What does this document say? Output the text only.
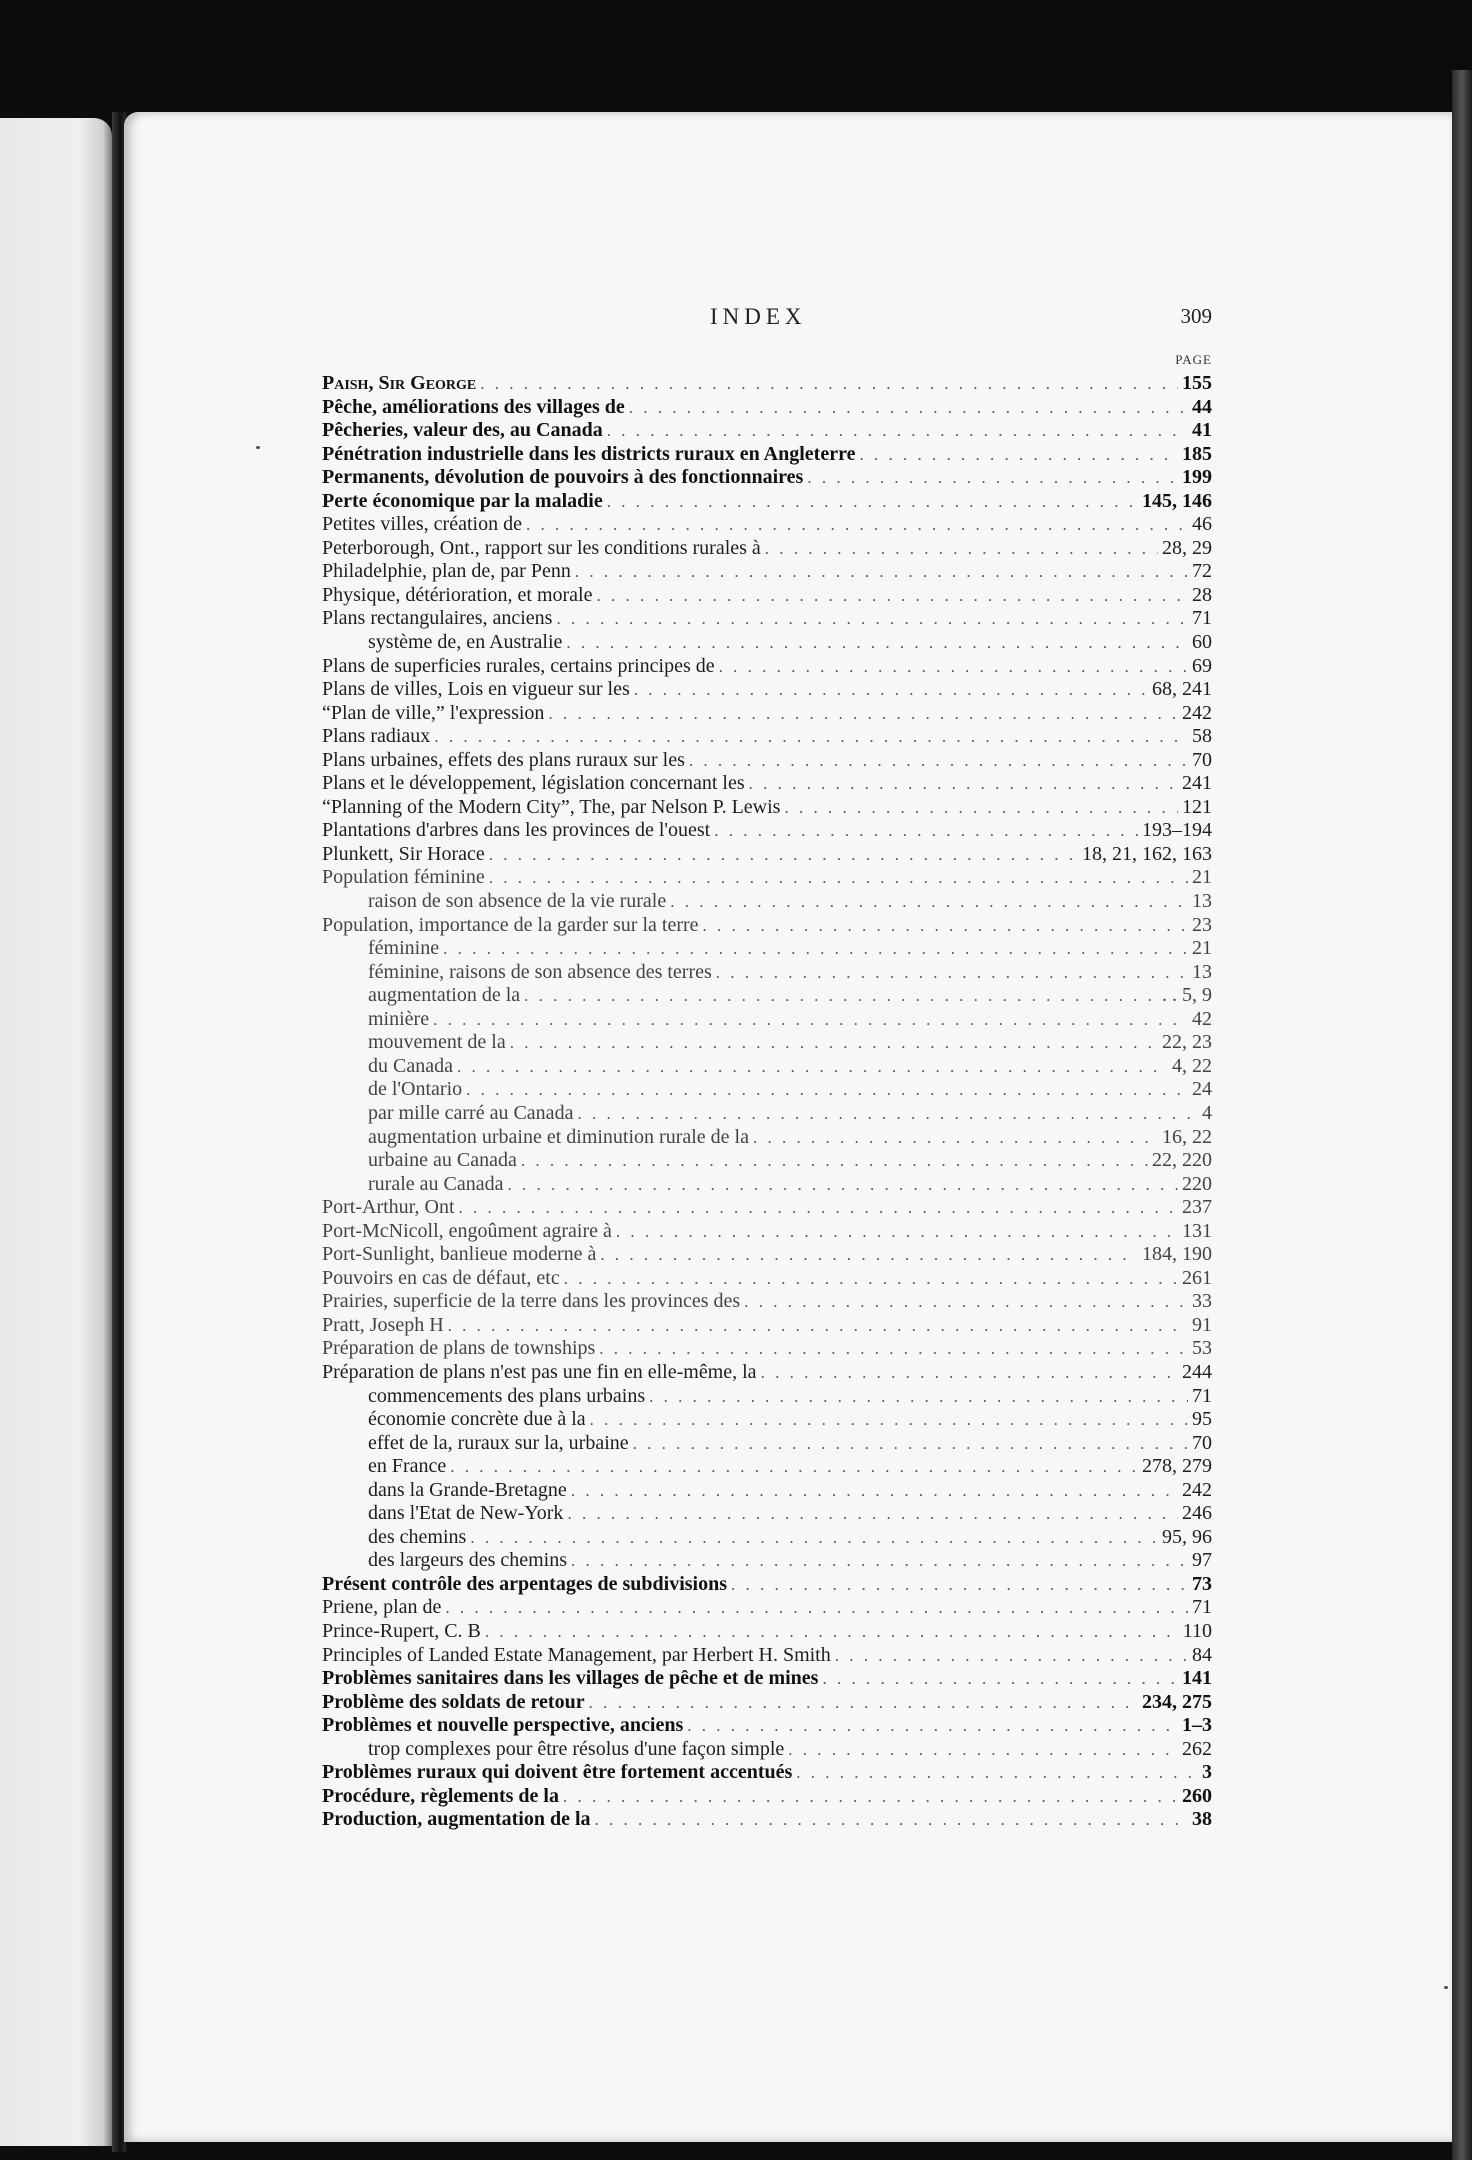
INDEX	309
PAGE
Paish, Sir George . . .	155
Pêche, améliorations des villages de . . .	44
Pêcheries, valeur des, au Canada . . .	41
Pénétration industrielle dans les districts ruraux en Angleterre . . .	185
Permanents, dévolution de pouvoirs à des fonctionnaires . . .	199
Perte économique par la maladie . . .	145, 146
Petites villes, création de . . .	46
Peterborough, Ont., rapport sur les conditions rurales à . . .	28, 29
Philadelphie, plan de, par Penn . . .	72
Physique, détérioration, et morale . . .	28
Plans rectangulaires, anciens . . .	71
système de, en Australie . . .	60
Plans de superficies rurales, certains principes de . . .	69
Plans de villes, Lois en vigueur sur les . . .	68, 241
“Plan de ville,” l'expression . . .	242
Plans radiaux . . .	58
Plans urbaines, effets des plans ruraux sur les . . .	70
Plans et le développement, législation concernant les . . .	241
“Planning of the Modern City”, The, par Nelson P. Lewis . . .	121
Plantations d'arbres dans les provinces de l'ouest . . .	193–194
Plunkett, Sir Horace . . .	18, 21, 162, 163
Population féminine . . .	21
raison de son absence de la vie rurale . . .	13
Population, importance de la garder sur la terre . . .	23
féminine . . .	21
féminine, raisons de son absence des terres . . .	13
augmentation de la . . .	. . 5, 9
minière . . .	42
mouvement de la . . .	22, 23
du Canada . . .	4, 22
de l'Ontario . . .	24
par mille carré au Canada . . .	4
augmentation urbaine et diminution rurale de la . . .	16, 22
urbaine au Canada . . .	22, 220
rurale au Canada . . .	220
Port-Arthur, Ont . . .	237
Port-McNicoll, engoûment agraire à . . .	131
Port-Sunlight, banlieue moderne à . . .	184, 190
Pouvoirs en cas de défaut, etc . . .	261
Prairies, superficie de la terre dans les provinces des . . .	33
Pratt, Joseph H . . .	91
Préparation de plans de townships . . .	53
Préparation de plans n'est pas une fin en elle-même, la . . .	244
commencements des plans urbains . . .	71
économie concrète due à la . . .	95
effet de la, ruraux sur la, urbaine . . .	70
en France . . .	278, 279
dans la Grande-Bretagne . . .	242
dans l'Etat de New-York . . .	246
des chemins . . .	95, 96
des largeurs des chemins . . .	97
Présent contrôle des arpentages de subdivisions . . .	73
Priene, plan de . . .	71
Prince-Rupert, C. B . . .	110
Principles of Landed Estate Management, par Herbert H. Smith . . .	84
Problèmes sanitaires dans les villages de pêche et de mines . . .	141
Problème des soldats de retour . . .	234, 275
Problèmes et nouvelle perspective, anciens . . .	1–3
trop complexes pour être résolus d'une façon simple . . .	262
Problèmes ruraux qui doivent être fortement accentués . . .	3
Procédure, règlements de la . . .	260
Production, augmentation de la . . .	38
